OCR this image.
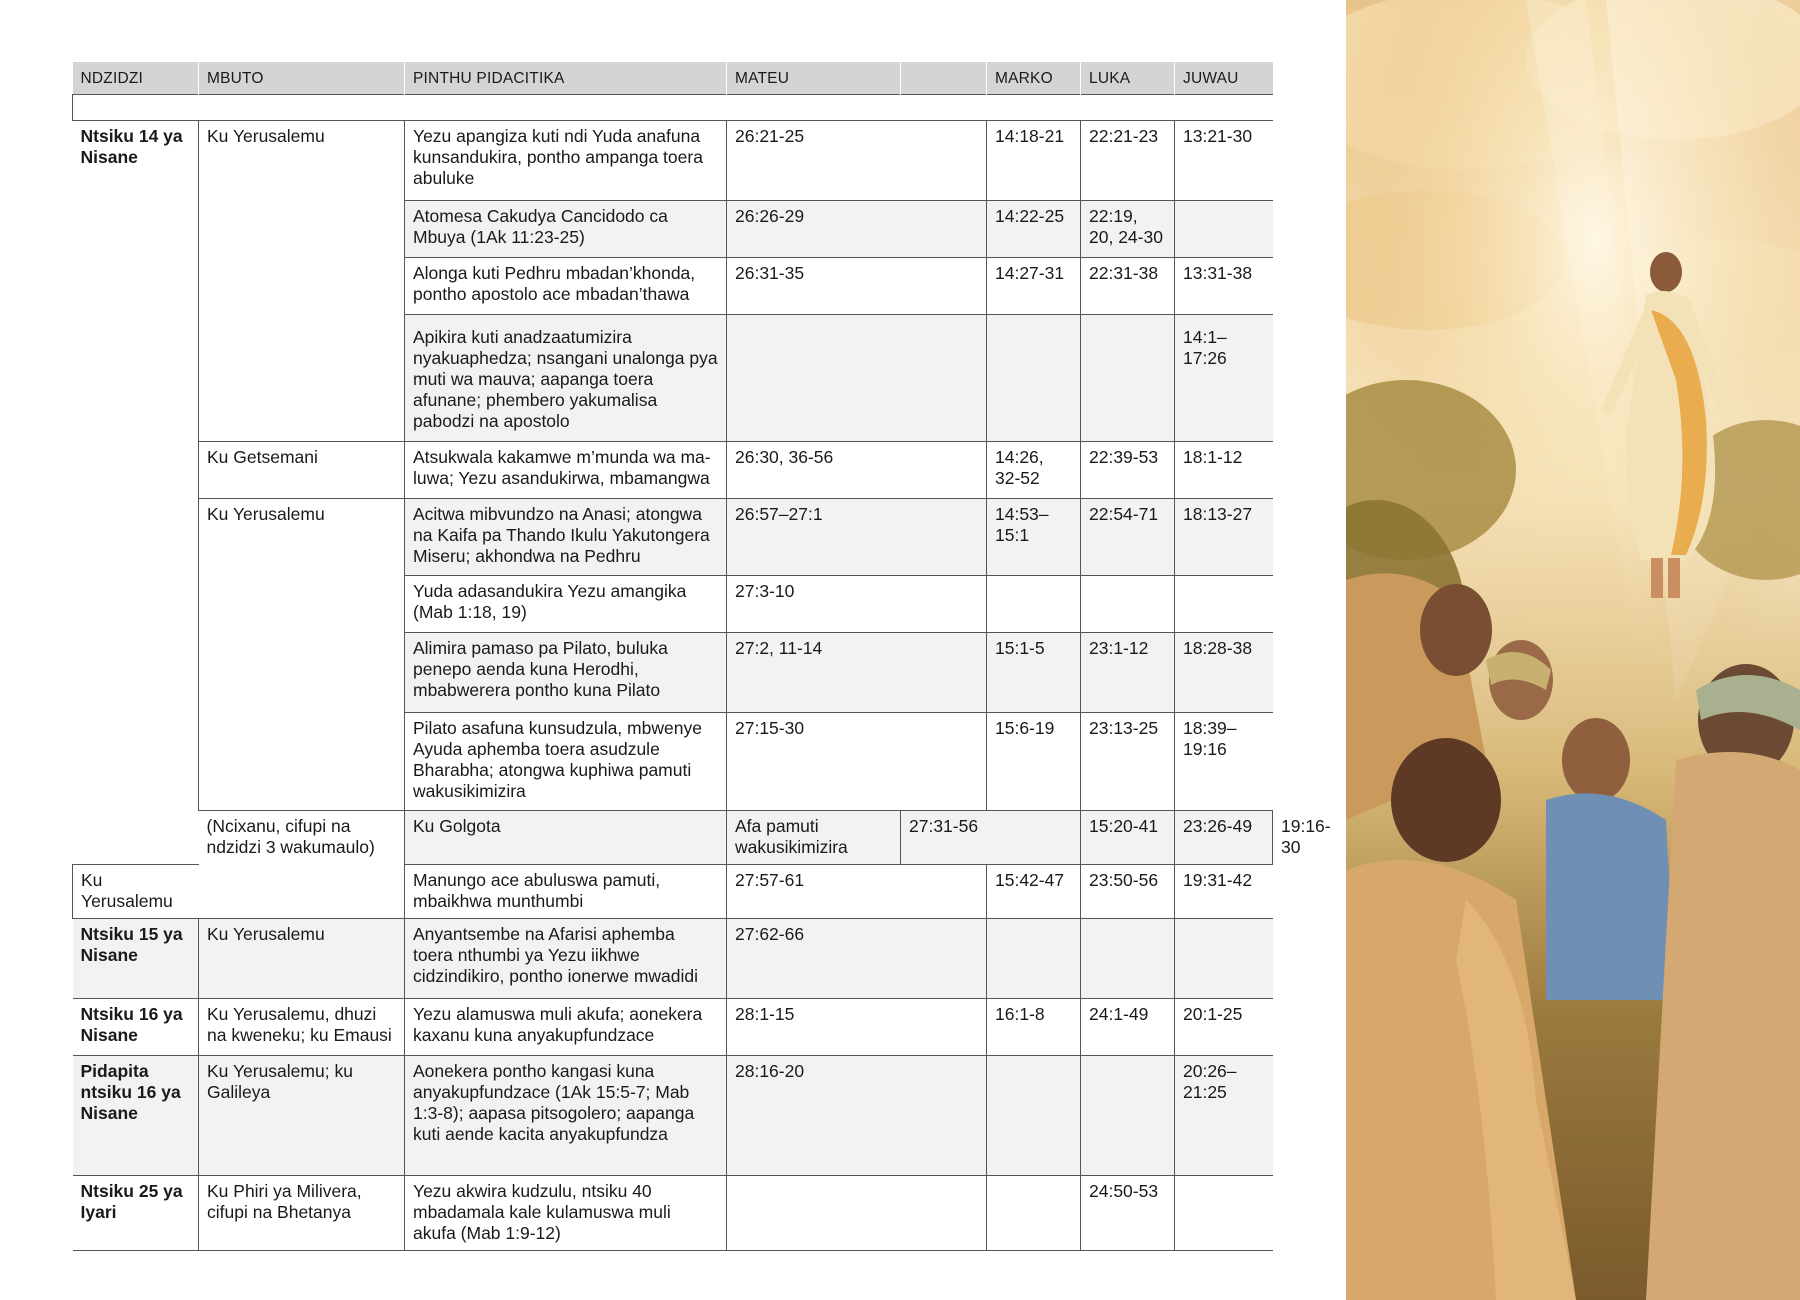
NDZIDZI	MBUTO	PINTHU PIDACITIKA	MATEU		MARKO	LUKA	JUWAU	

Ntsiku 14 ya Nisane	Ku Yerusalemu	Yezu apangiza kuti ndi Yuda anafuna kunsandukira, pontho ampanga toera abuluke	26:21-25		14:18-21	22:21-23	13:21-30	
		Atomesa Cakudya Cancidodo ca Mbuya (1Ak 11:23-25)	26:26-29		14:22-25	22:19, 20, 24-30		
		Alonga kuti Pedhru mbadan’khonda, pontho apostolo ace mbadan’thawa	26:31-35		14:27-31	22:31-38	13:31-38	
		Apikira kuti anadzaatumizira nyakuaphedza; nsangani unalonga pya muti wa mauva; aapanga toera afunane; phembero yakumalisa pabodzi na apostolo					14:1–17:26	
	Ku Getsemani	Atsukwala kakamwe m’munda wa ma-luwa; Yezu asandukirwa, mbamangwa	26:30, 36-56		14:26, 32-52	22:39-53	18:1-12	
	Ku Yerusalemu	Acitwa mibvundzo na Anasi; atongwa na Kaifa pa Thando Ikulu Yakutongera Miseru; akhondwa na Pedhru	26:57–27:1		14:53–15:1	22:54-71	18:13-27	
		Yuda adasandukira Yezu amangika (Mab 1:18, 19)	27:3-10					
		Alimira pamaso pa Pilato, buluka penepo aenda kuna Herodhi, mbabwerera pontho kuna Pilato	27:2, 11-14		15:1-5	23:1-12	18:28-38	
		Pilato asafuna kunsudzula, mbwenye Ayuda aphemba toera asudzule Bharabha; atongwa kuphiwa pamuti wakusikimizira	27:15-30		15:6-19	23:13-25	18:39–19:16	
	(Ncixanu, cifupi na ndzidzi 3 wakumaulo)	Ku Golgota	Afa pamuti wakusikimizira	27:31-56		15:20-41	23:26-49	19:16-30
Ku Yerusalemu		Manungo ace abuluswa pamuti, mbaikhwa munthumbi	27:57-61		15:42-47	23:50-56	19:31-42	
Ntsiku 15 ya Nisane	Ku Yerusalemu	Anyantsembe na Afarisi aphemba toera nthumbi ya Yezu iikhwe cidzindikiro, pontho ionerwe mwadidi	27:62-66					
Ntsiku 16 ya Nisane	Ku Yerusalemu, dhuzi na kweneku; ku Emausi	Yezu alamuswa muli akufa; aonekera kaxanu kuna anyakupfundzace	28:1-15		16:1-8	24:1-49	20:1-25	
Pidapita ntsiku 16 ya Nisane	Ku Yerusalemu; ku Galileya	Aonekera pontho kangasi kuna anyakupfundzace (1Ak 15:5-7; Mab 1:3-8); aapasa pitsogolero; aapanga kuti aende kacita anyakupfundza	28:16-20				20:26–21:25	
Ntsiku 25 ya Iyari	Ku Phiri ya Milivera, cifupi na Bhetanya	Yezu akwira kudzulu, ntsiku 40 mbadamala kale kulamuswa muli akufa (Mab 1:9-12)				24:50-53		
